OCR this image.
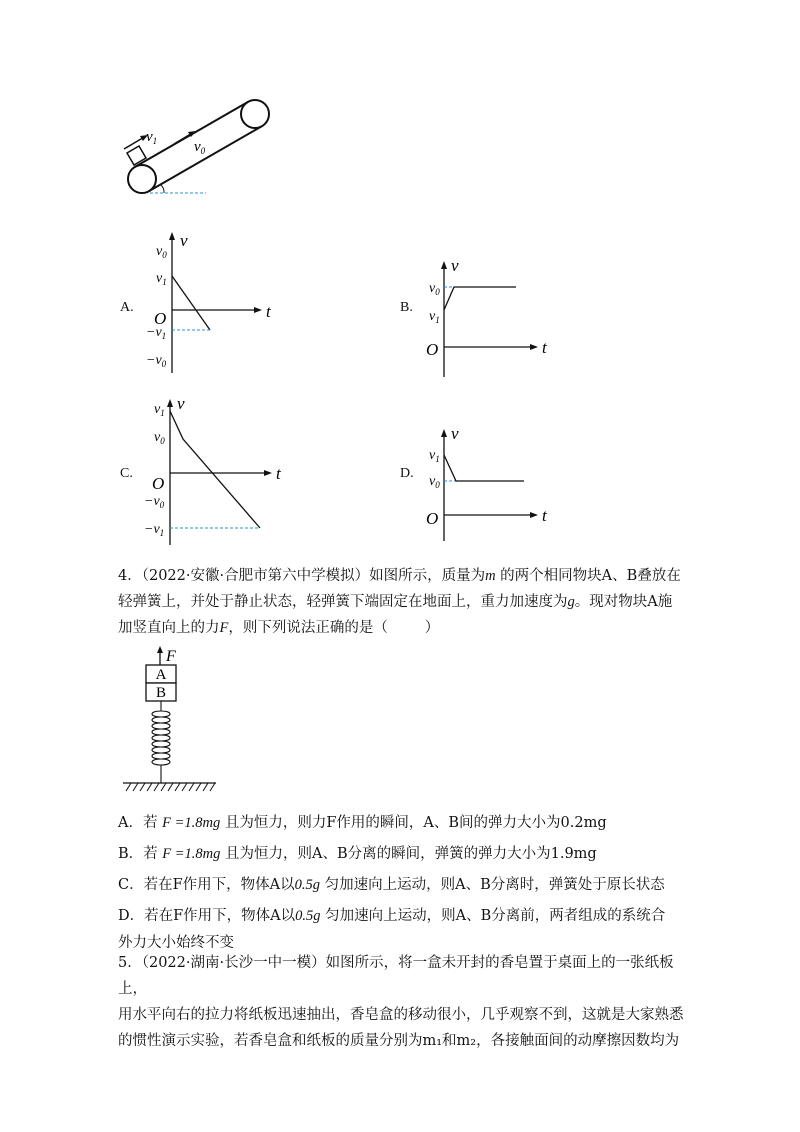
$v_1$ $v_0$
A.
v
t
O
$v_0$
$v_1$
$-v_1$
$-v_0$
B.
v
t
O
$v_0$
$v_1$
C.
v
t
O
$v_1$
$v_0$
$-v_0$
$-v_1$
D.
v
t
O
$v_1$
$v_0$
4．（2022·安徽·合肥市第六中学模拟）如图所示，质量为m 的两个相同物块A、B叠放在
轻弹簧上，并处于静止状态，轻弹簧下端固定在地面上，重力加速度为g。现对物块A施
加竖直向上的力F，则下列说法正确的是（        ）
F
A
B
A．若 F =1.8mg 且为恒力，则力F作用的瞬间，A、B间的弹力大小为0.2mg
B．若 F =1.8mg 且为恒力，则A、B分离的瞬间，弹簧的弹力大小为1.9mg
C．若在F作用下，物体A以0.5g 匀加速向上运动，则A、B分离时，弹簧处于原长状态
D．若在F作用下，物体A以0.5g 匀加速向上运动，则A、B分离前，两者组成的系统合
外力大小始终不变
5．（2022·湖南·长沙一中一模）如图所示，将一盒未开封的香皂置于桌面上的一张纸板上，
用水平向右的拉力将纸板迅速抽出，香皂盒的移动很小，几乎观察不到，这就是大家熟悉
的惯性演示实验，若香皂盒和纸板的质量分别为m₁和m₂，各接触面间的动摩擦因数均为
